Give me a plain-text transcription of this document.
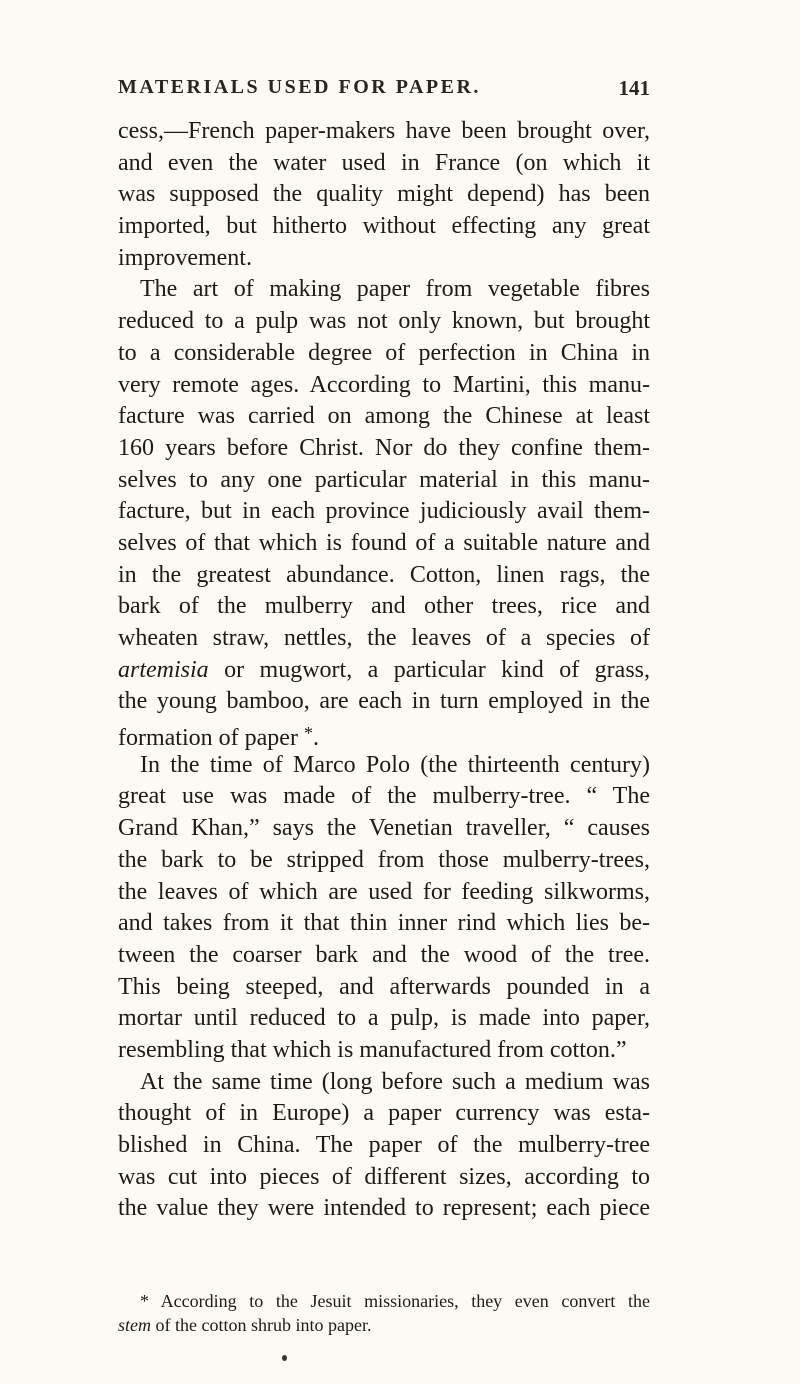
MATERIALS USED FOR PAPER.	141
cess,—French paper-makers have been brought over,
and even the water used in France (on which it
was supposed the quality might depend) has been
imported, but hitherto without effecting any great
improvement.
The art of making paper from vegetable fibres
reduced to a pulp was not only known, but brought
to a considerable degree of perfection in China in
very remote ages. According to Martini, this manu-
facture was carried on among the Chinese at least
160 years before Christ. Nor do they confine them-
selves to any one particular material in this manu-
facture, but in each province judiciously avail them-
selves of that which is found of a suitable nature and
in the greatest abundance. Cotton, linen rags, the
bark of the mulberry and other trees, rice and
wheaten straw, nettles, the leaves of a species of
artemisia or mugwort, a particular kind of grass,
the young bamboo, are each in turn employed in the
formation of paper *.
In the time of Marco Polo (the thirteenth century)
great use was made of the mulberry-tree. “ The
Grand Khan,” says the Venetian traveller, “ causes
the bark to be stripped from those mulberry-trees,
the leaves of which are used for feeding silkworms,
and takes from it that thin inner rind which lies be-
tween the coarser bark and the wood of the tree.
This being steeped, and afterwards pounded in a
mortar until reduced to a pulp, is made into paper,
resembling that which is manufactured from cotton.”
At the same time (long before such a medium was
thought of in Europe) a paper currency was esta-
blished in China. The paper of the mulberry-tree
was cut into pieces of different sizes, according to
the value they were intended to represent; each piece
* According to the Jesuit missionaries, they even convert the
stem of the cotton shrub into paper.
